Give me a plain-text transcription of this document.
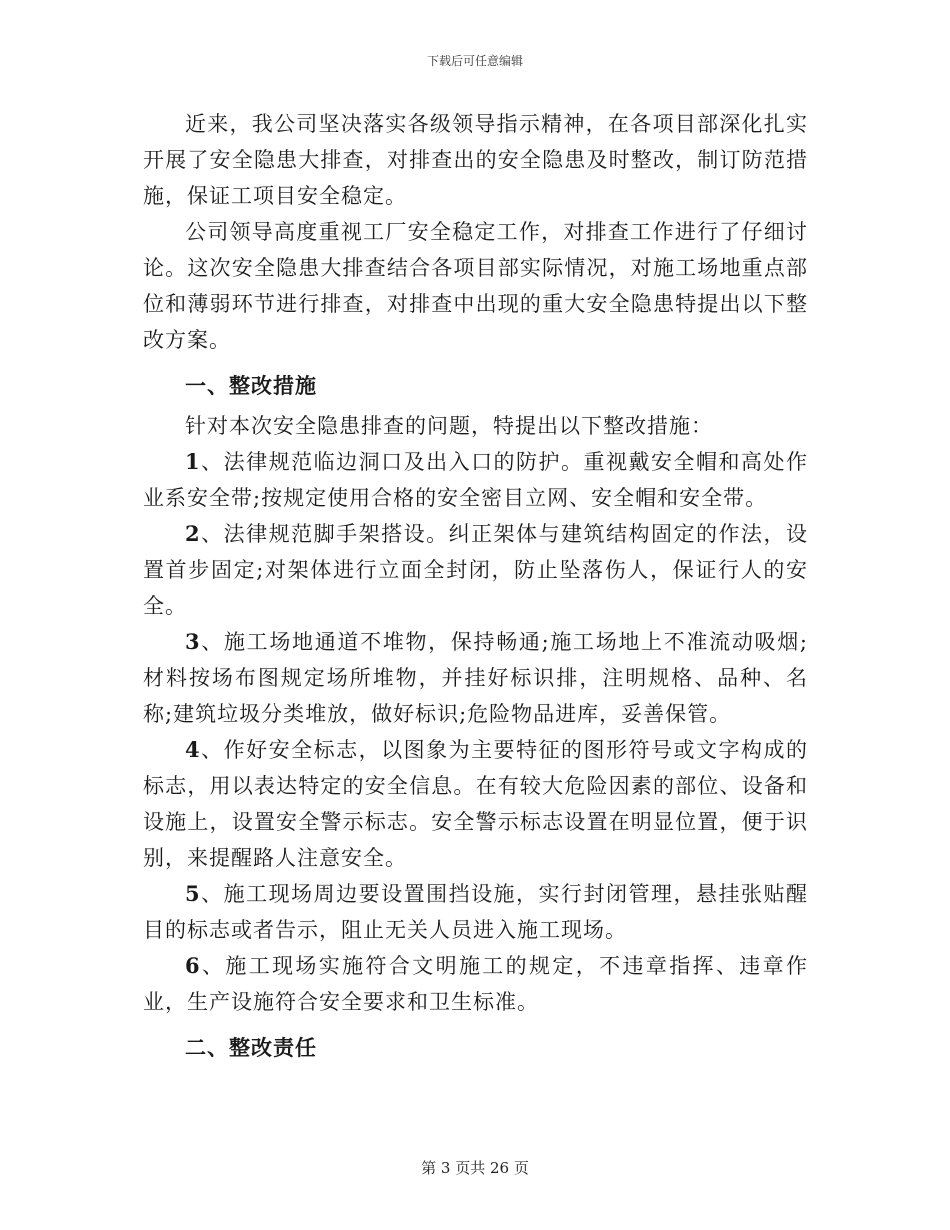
下载后可任意编辑

近来，我公司坚决落实各级领导指示精神，在各项目部深化扎实开展了安全隐患大排查，对排查出的安全隐患及时整改，制订防范措施，保证工项目安全稳定。

公司领导高度重视工厂安全稳定工作，对排查工作进行了仔细讨论。这次安全隐患大排查结合各项目部实际情况，对施工场地重点部位和薄弱环节进行排查，对排查中出现的重大安全隐患特提出以下整改方案。

一、整改措施

针对本次安全隐患排查的问题，特提出以下整改措施：

1、法律规范临边洞口及出入口的防护。重视戴安全帽和高处作业系安全带;按规定使用合格的安全密目立网、安全帽和安全带。

2、法律规范脚手架搭设。纠正架体与建筑结构固定的作法，设置首步固定;对架体进行立面全封闭，防止坠落伤人，保证行人的安全。

3、施工场地通道不堆物，保持畅通;施工场地上不准流动吸烟;材料按场布图规定场所堆物，并挂好标识排，注明规格、品种、名称;建筑垃圾分类堆放，做好标识;危险物品进库，妥善保管。

4、作好安全标志，以图象为主要特征的图形符号或文字构成的标志，用以表达特定的安全信息。在有较大危险因素的部位、设备和设施上，设置安全警示标志。安全警示标志设置在明显位置，便于识别，来提醒路人注意安全。

5、施工现场周边要设置围挡设施，实行封闭管理，悬挂张贴醒目的标志或者告示，阻止无关人员进入施工现场。

6、施工现场实施符合文明施工的规定，不违章指挥、违章作业，生产设施符合安全要求和卫生标准。

二、整改责任

第 3 页共 26 页
